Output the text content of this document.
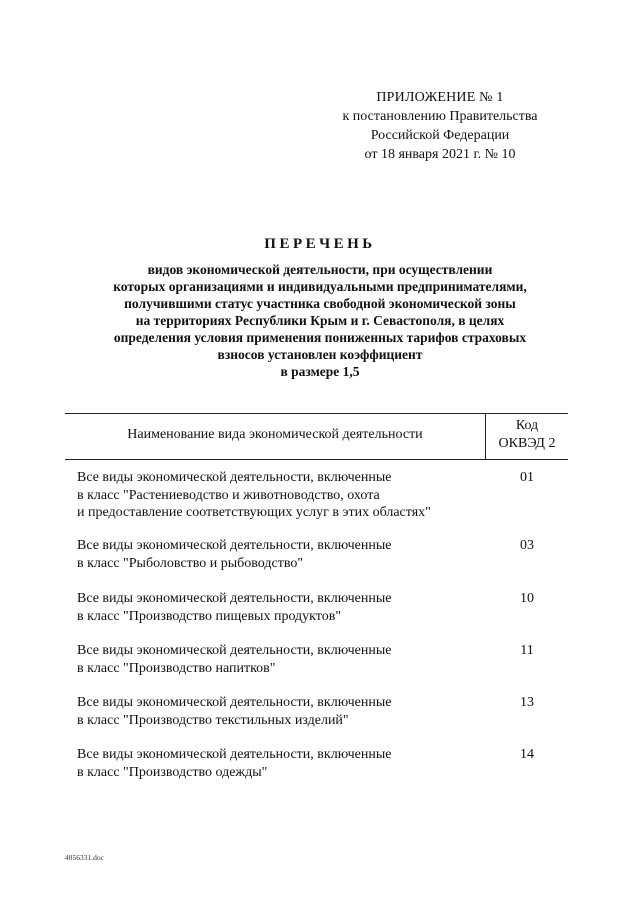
ПРИЛОЖЕНИЕ № 1
к постановлению Правительства
Российской Федерации
от 18 января 2021 г. № 10
ПЕРЕЧЕНЬ
видов экономической деятельности, при осуществлении
которых организациями и индивидуальными предпринимателями,
получившими статус участника свободной экономической зоны
на территориях Республики Крым и г. Севастополя, в целях
определения условия применения пониженных тарифов страховых
взносов установлен коэффициент
в размере 1,5
Наименование вида экономической деятельности
Код
ОКВЭД 2
Все виды экономической деятельности, включенные
в класс "Растениеводство и животноводство, охота
и предоставление соответствующих услуг в этих областях"
01
Все виды экономической деятельности, включенные
в класс "Рыболовство и рыбоводство"
03
Все виды экономической деятельности, включенные
в класс "Производство пищевых продуктов"
10
Все виды экономической деятельности, включенные
в класс "Производство напитков"
11
Все виды экономической деятельности, включенные
в класс "Производство текстильных изделий"
13
Все виды экономической деятельности, включенные
в класс "Производство одежды"
14
4856331.doc
